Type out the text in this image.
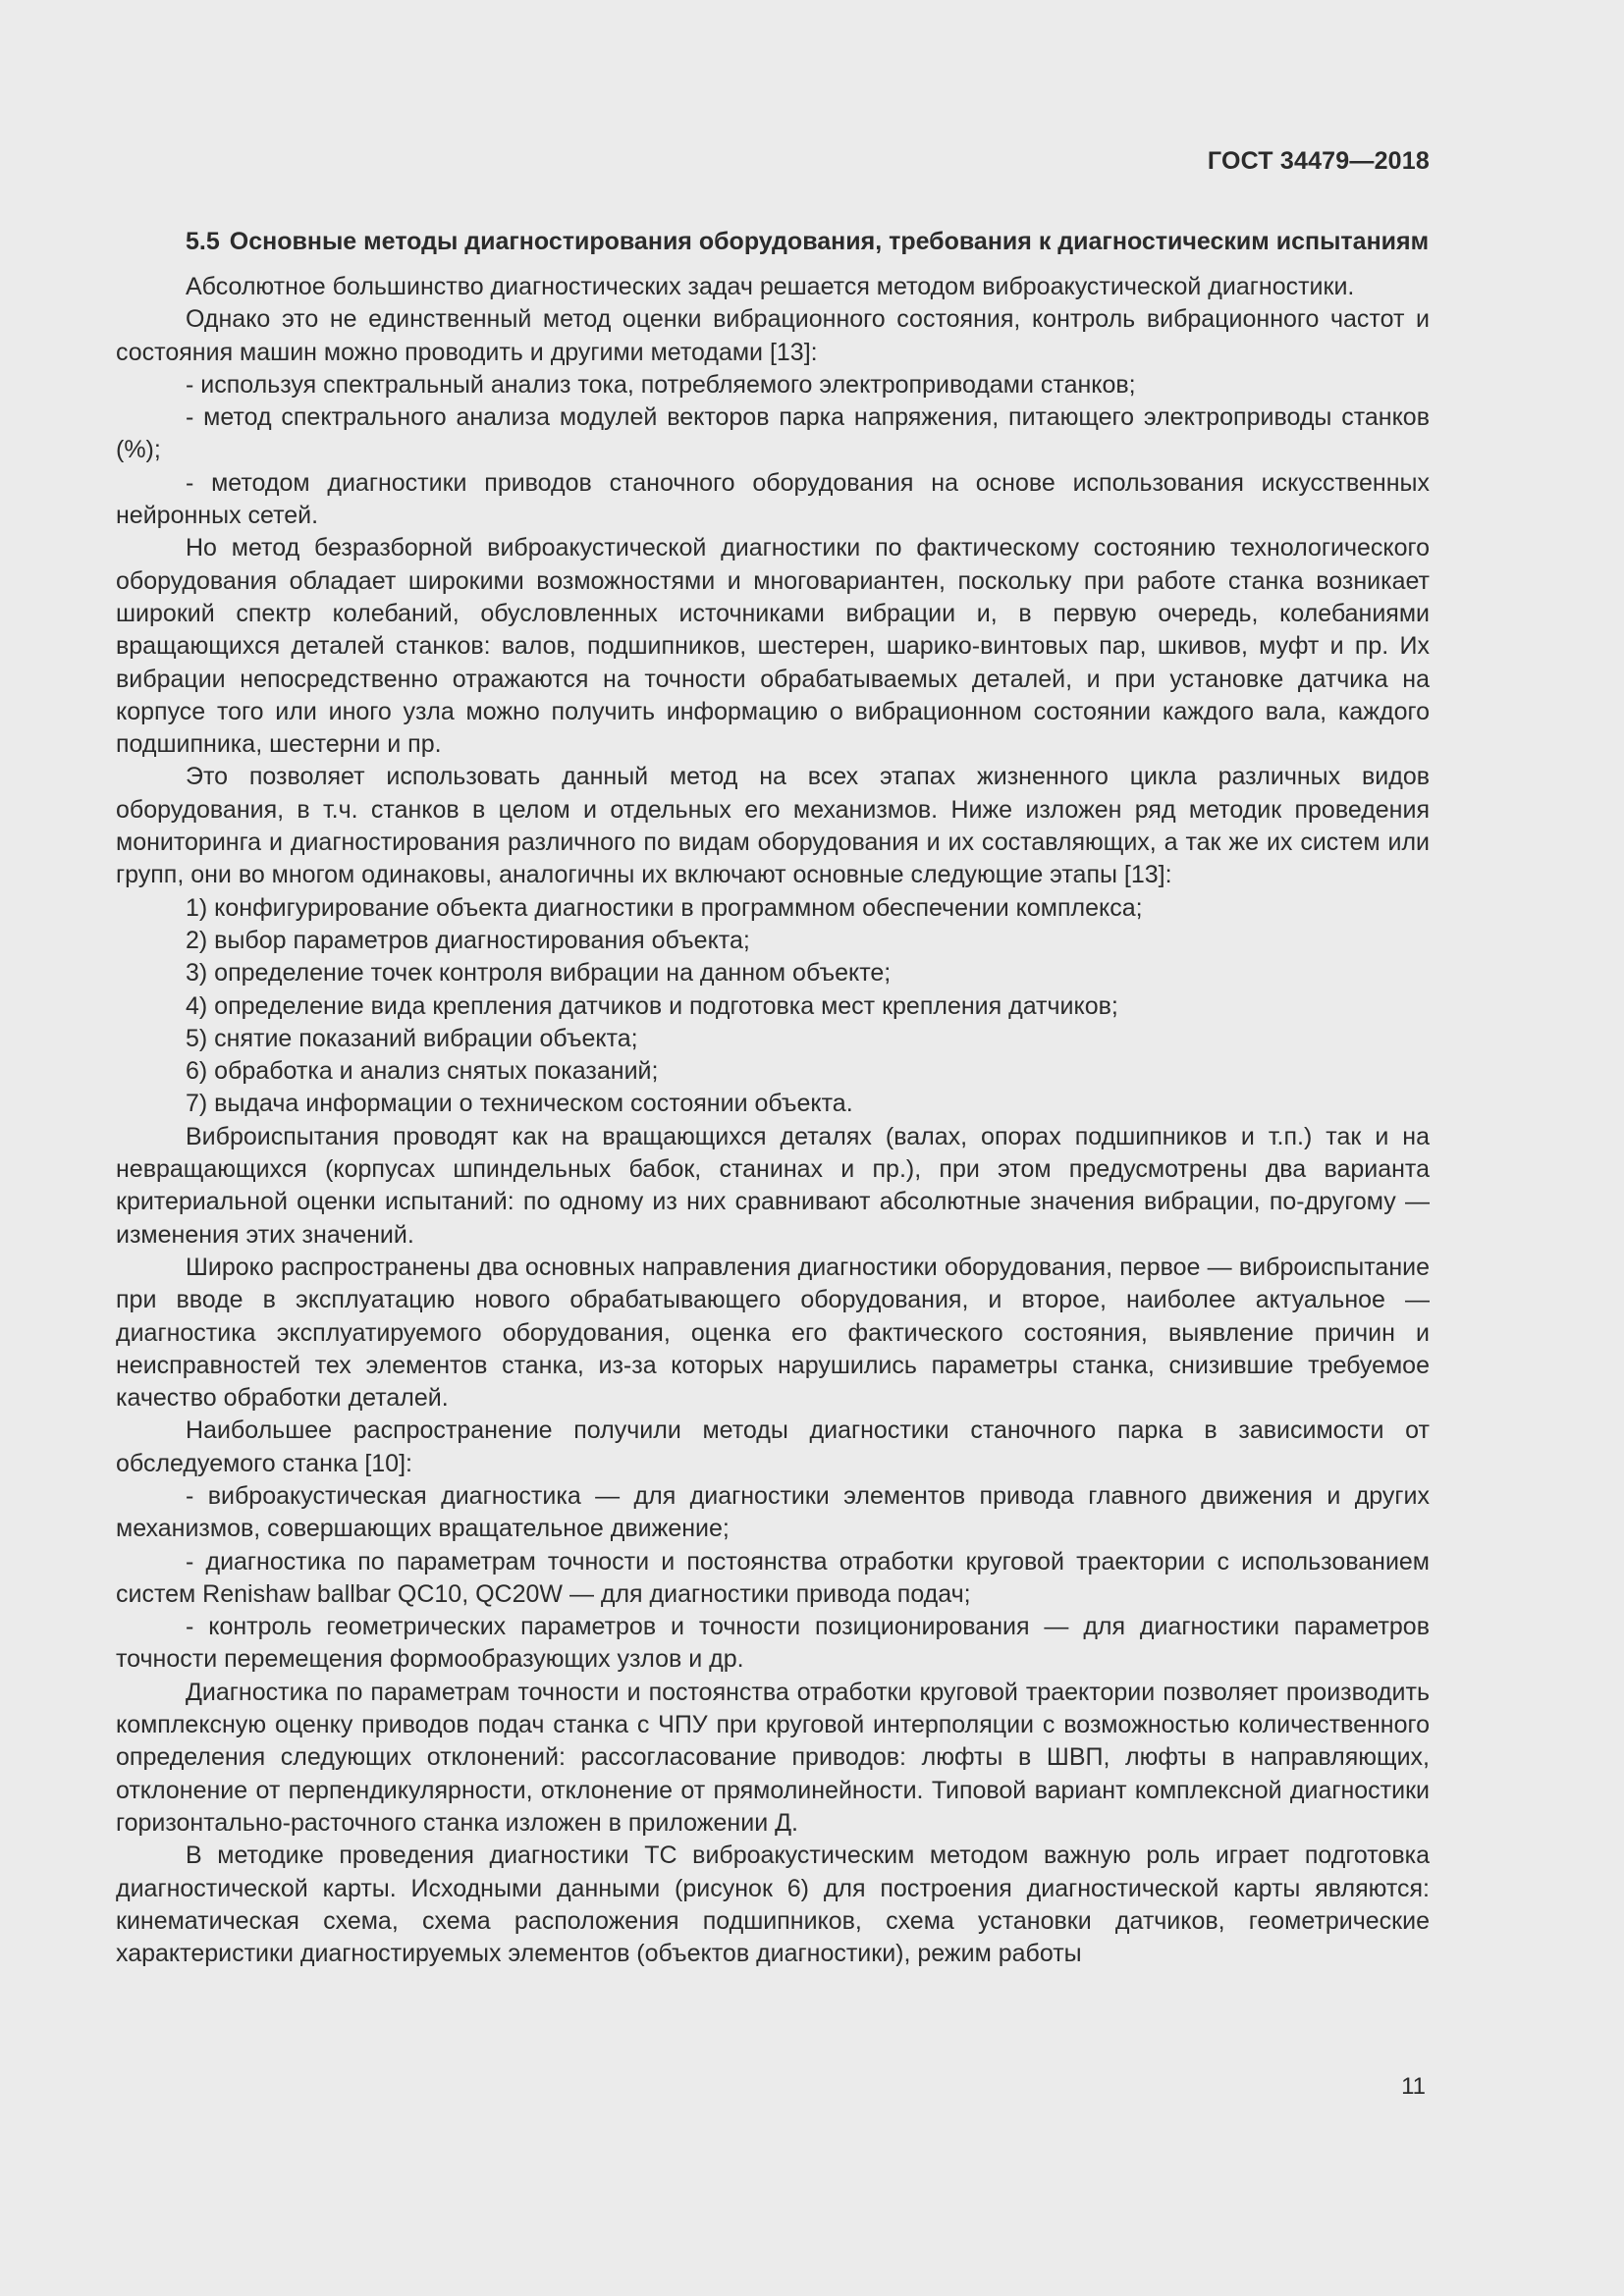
ГОСТ 34479—2018

5.5 Основные методы диагностирования оборудования, требования к диагностическим испытаниям

Абсолютное большинство диагностических задач решается методом виброакустической диагностики.

Однако это не единственный метод оценки вибрационного состояния, контроль вибрационного частот и состояния машин можно проводить и другими методами [13]:

- используя спектральный анализ тока, потребляемого электроприводами станков;

- метод спектрального анализа модулей векторов парка напряжения, питающего электроприводы станков (%);

- методом диагностики приводов станочного оборудования на основе использования искусственных нейронных сетей.

Но метод безразборной виброакустической диагностики по фактическому состоянию технологического оборудования обладает широкими возможностями и многовариантен, поскольку при работе станка возникает широкий спектр колебаний, обусловленных источниками вибрации и, в первую очередь, колебаниями вращающихся деталей станков: валов, подшипников, шестерен, шарико-винтовых пар, шкивов, муфт и пр. Их вибрации непосредственно отражаются на точности обрабатываемых деталей, и при установке датчика на корпусе того или иного узла можно получить информацию о вибрационном состоянии каждого вала, каждого подшипника, шестерни и пр.

Это позволяет использовать данный метод на всех этапах жизненного цикла различных видов оборудования, в т.ч. станков в целом и отдельных его механизмов. Ниже изложен ряд методик проведения мониторинга и диагностирования различного по видам оборудования и их составляющих, а так же их систем или групп, они во многом одинаковы, аналогичны их включают основные следующие этапы [13]:

1) конфигурирование объекта диагностики в программном обеспечении комплекса;

2) выбор параметров диагностирования объекта;

3) определение точек контроля вибрации на данном объекте;

4) определение вида крепления датчиков и подготовка мест крепления датчиков;

5) снятие показаний вибрации объекта;

6) обработка и анализ снятых показаний;

7) выдача информации о техническом состоянии объекта.

Виброиспытания проводят как на вращающихся деталях (валах, опорах подшипников и т.п.) так и на невращающихся (корпусах шпиндельных бабок, станинах и пр.), при этом предусмотрены два варианта критериальной оценки испытаний: по одному из них сравнивают абсолютные значения вибрации, по-другому — изменения этих значений.

Широко распространены два основных направления диагностики оборудования, первое — виброиспытание при вводе в эксплуатацию нового обрабатывающего оборудования, и второе, наиболее актуальное — диагностика эксплуатируемого оборудования, оценка его фактического состояния, выявление причин и неисправностей тех элементов станка, из-за которых нарушились параметры станка, снизившие требуемое качество обработки деталей.

Наибольшее распространение получили методы диагностики станочного парка в зависимости от обследуемого станка [10]:

- виброакустическая диагностика — для диагностики элементов привода главного движения и других механизмов, совершающих вращательное движение;

- диагностика по параметрам точности и постоянства отработки круговой траектории с использованием систем Renishaw ballbar QC10, QC20W — для диагностики привода подач;

- контроль геометрических параметров и точности позиционирования — для диагностики параметров точности перемещения формообразующих узлов и др.

Диагностика по параметрам точности и постоянства отработки круговой траектории позволяет производить комплексную оценку приводов подач станка с ЧПУ при круговой интерполяции с возможностью количественного определения следующих отклонений: рассогласование приводов: люфты в ШВП, люфты в направляющих, отклонение от перпендикулярности, отклонение от прямолинейности. Типовой вариант комплексной диагностики горизонтально-расточного станка изложен в приложении Д.

В методике проведения диагностики ТС виброакустическим методом важную роль играет подготовка диагностической карты. Исходными данными (рисунок 6) для построения диагностической карты являются: кинематическая схема, схема расположения подшипников, схема установки датчиков, геометрические характеристики диагностируемых элементов (объектов диагностики), режим работы

11
